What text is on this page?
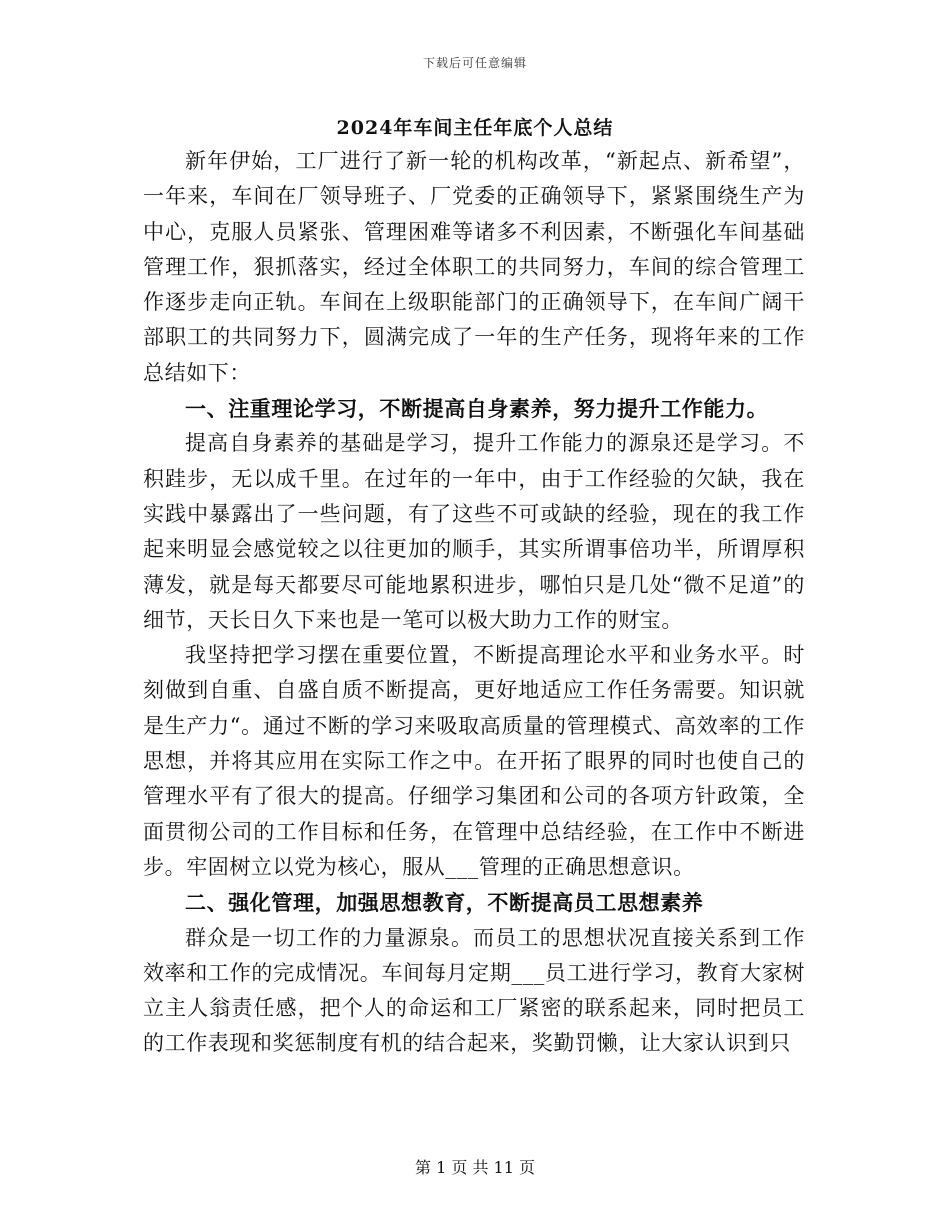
下载后可任意编辑
2024年车间主任年底个人总结

新年伊始，工厂进行了新一轮的机构改革，“新起点、新希望”，一年来，车间在厂领导班子、厂党委的正确领导下，紧紧围绕生产为中心，克服人员紧张、管理困难等诸多不利因素，不断强化车间基础管理工作，狠抓落实，经过全体职工的共同努力，车间的综合管理工作逐步走向正轨。车间在上级职能部门的正确领导下，在车间广阔干部职工的共同努力下，圆满完成了一年的生产任务，现将年来的工作总结如下：

一、注重理论学习，不断提高自身素养，努力提升工作能力。

提高自身素养的基础是学习，提升工作能力的源泉还是学习。不积跬步，无以成千里。在过年的一年中，由于工作经验的欠缺，我在实践中暴露出了一些问题，有了这些不可或缺的经验，现在的我工作起来明显会感觉较之以往更加的顺手，其实所谓事倍功半，所谓厚积薄发，就是每天都要尽可能地累积进步，哪怕只是几处“微不足道”的细节，天长日久下来也是一笔可以极大助力工作的财宝。

我坚持把学习摆在重要位置，不断提高理论水平和业务水平。时刻做到自重、自盛自质不断提高，更好地适应工作任务需要。知识就是生产力“。通过不断的学习来吸取高质量的管理模式、高效率的工作思想，并将其应用在实际工作之中。在开拓了眼界的同时也使自己的管理水平有了很大的提高。仔细学习集团和公司的各项方针政策，全面贯彻公司的工作目标和任务，在管理中总结经验，在工作中不断进步。牢固树立以党为核心，服从___管理的正确思想意识。

二、强化管理，加强思想教育，不断提高员工思想素养

群众是一切工作的力量源泉。而员工的思想状况直接关系到工作效率和工作的完成情况。车间每月定期___员工进行学习，教育大家树立主人翁责任感，把个人的命运和工厂紧密的联系起来，同时把员工的工作表现和奖惩制度有机的结合起来，奖勤罚懒，让大家认识到只

第 1 页 共 11 页
